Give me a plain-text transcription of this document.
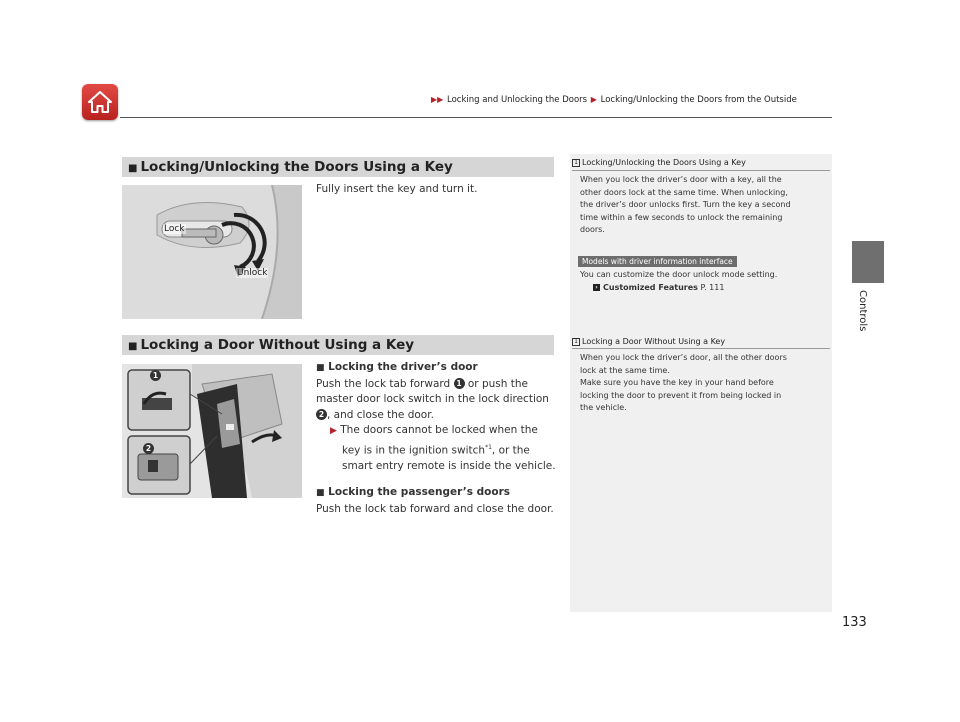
▶▶ Locking and Unlocking the Doors ▶ Locking/Unlocking the Doors from the Outside
Controls
■ Locking/Unlocking the Doors Using a Key
Lock
Unlock
Fully insert the key and turn it.
1 Locking/Unlocking the Doors Using a Key
When you lock the driver’s door with a key, all the
other doors lock at the same time. When unlocking,
the driver’s door unlocks first. Turn the key a second
time within a few seconds to unlock the remaining
doors.
Models with driver information interface
You can customize the door unlock mode setting.
› Customized Features P. 111
■ Locking a Door Without Using a Key
1
2
■ Locking the driver’s door
Push the lock tab forward 1 or push the
master door lock switch in the lock direction
2 , and close the door.
▶ The doors cannot be locked when the
key is in the ignition switch$^{*1}$, or the
smart entry remote is inside the vehicle.
■ Locking the passenger’s doors
Push the lock tab forward and close the door.
1 Locking a Door Without Using a Key
When you lock the driver’s door, all the other doors
lock at the same time.
Make sure you have the key in your hand before
locking the door to prevent it from being locked in
the vehicle.
133
